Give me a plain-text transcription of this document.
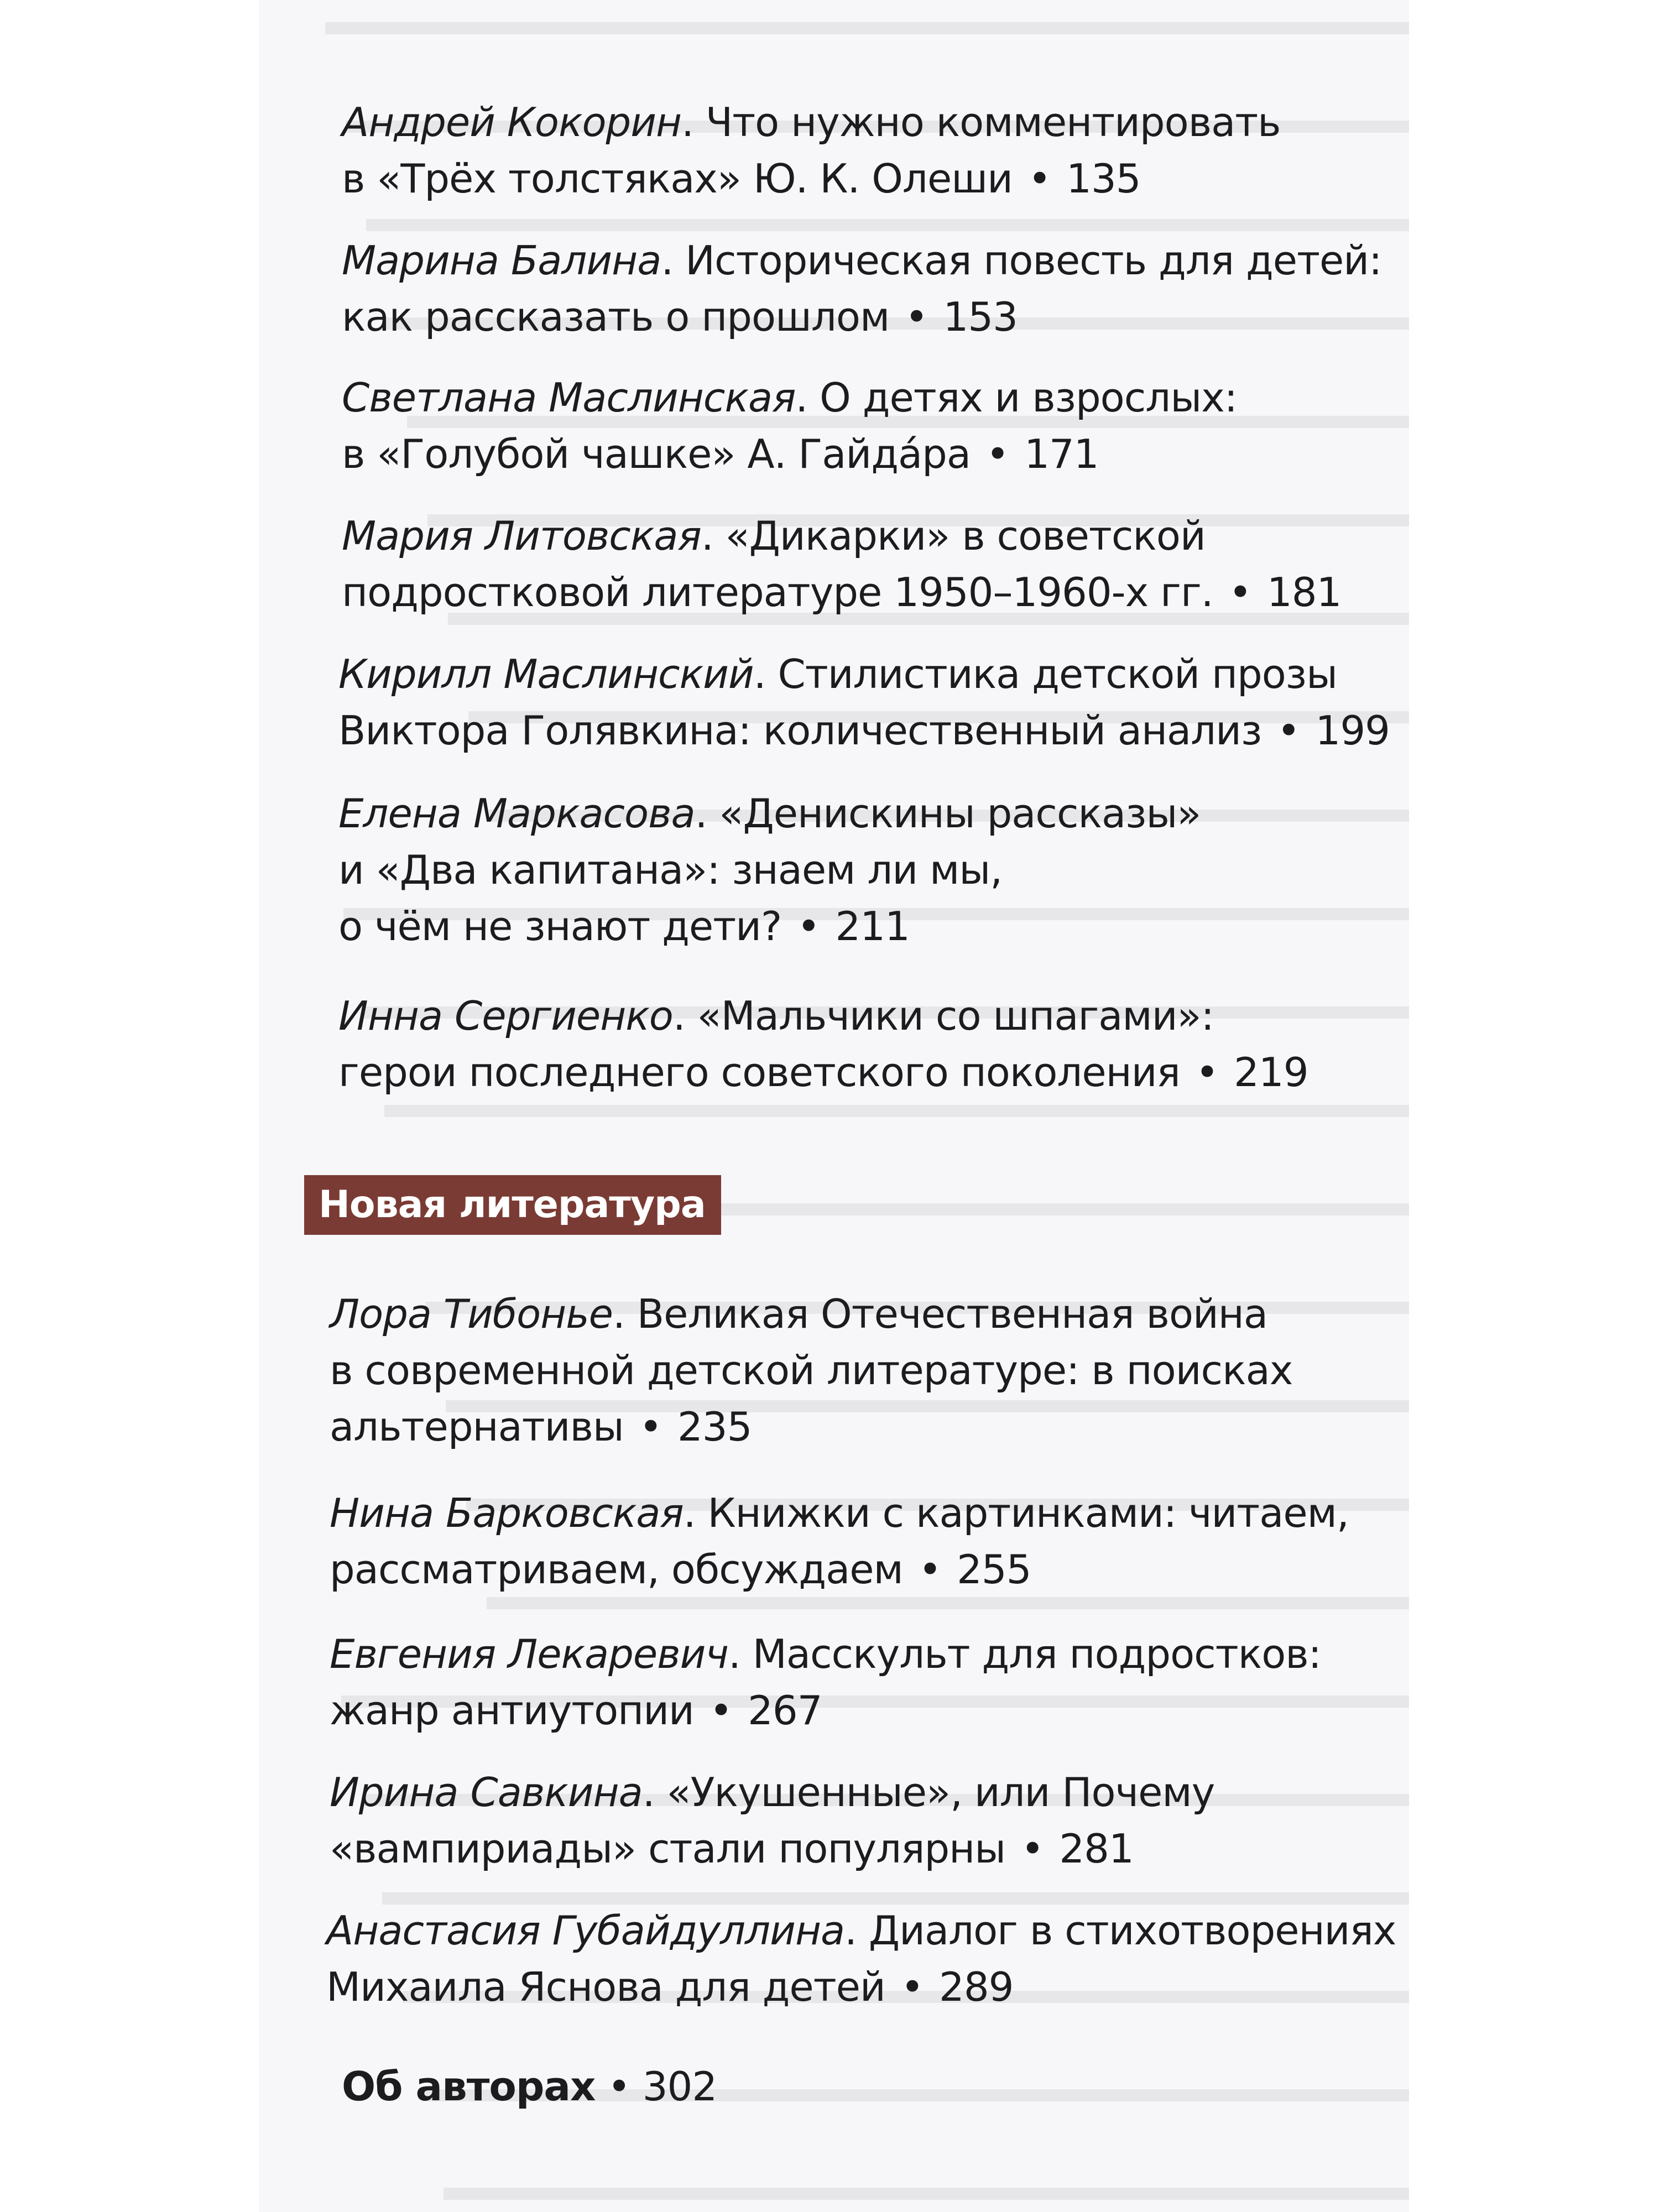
Андрей Кокорин. Что нужно комментировать
в «Трёх толстяках» Ю. К. Олеши • 135

Марина Балина. Историческая повесть для детей:
как рассказать о прошлом • 153

Светлана Маслинская. О детях и взрослых:
в «Голубой чашке» А. Гайда́ра • 171

Мария Литовская. «Дикарки» в советской
подростковой литературе 1950–1960-х гг. • 181

Кирилл Маслинский. Стилистика детской прозы
Виктора Голявкина: количественный анализ • 199

Елена Маркасова. «Денискины рассказы»
и «Два капитана»: знаем ли мы,
о чём не знают дети? • 211

Инна Сергиенко. «Мальчики со шпагами»:
герои последнего советского поколения • 219

Лора Тибонье. Великая Отечественная война
в современной детской литературе: в поисках
альтернативы • 235

Нина Барковская. Книжки с картинками: читаем,
рассматриваем, обсуждаем • 255

Евгения Лекаревич. Масскульт для подростков:
жанр антиутопии • 267

Ирина Савкина. «Укушенные», или Почему
«вампириады» стали популярны • 281

Анастасия Губайдуллина. Диалог в стихотворениях
Михаила Яснова для детей • 289

Новая литература
Об авторах • 302
